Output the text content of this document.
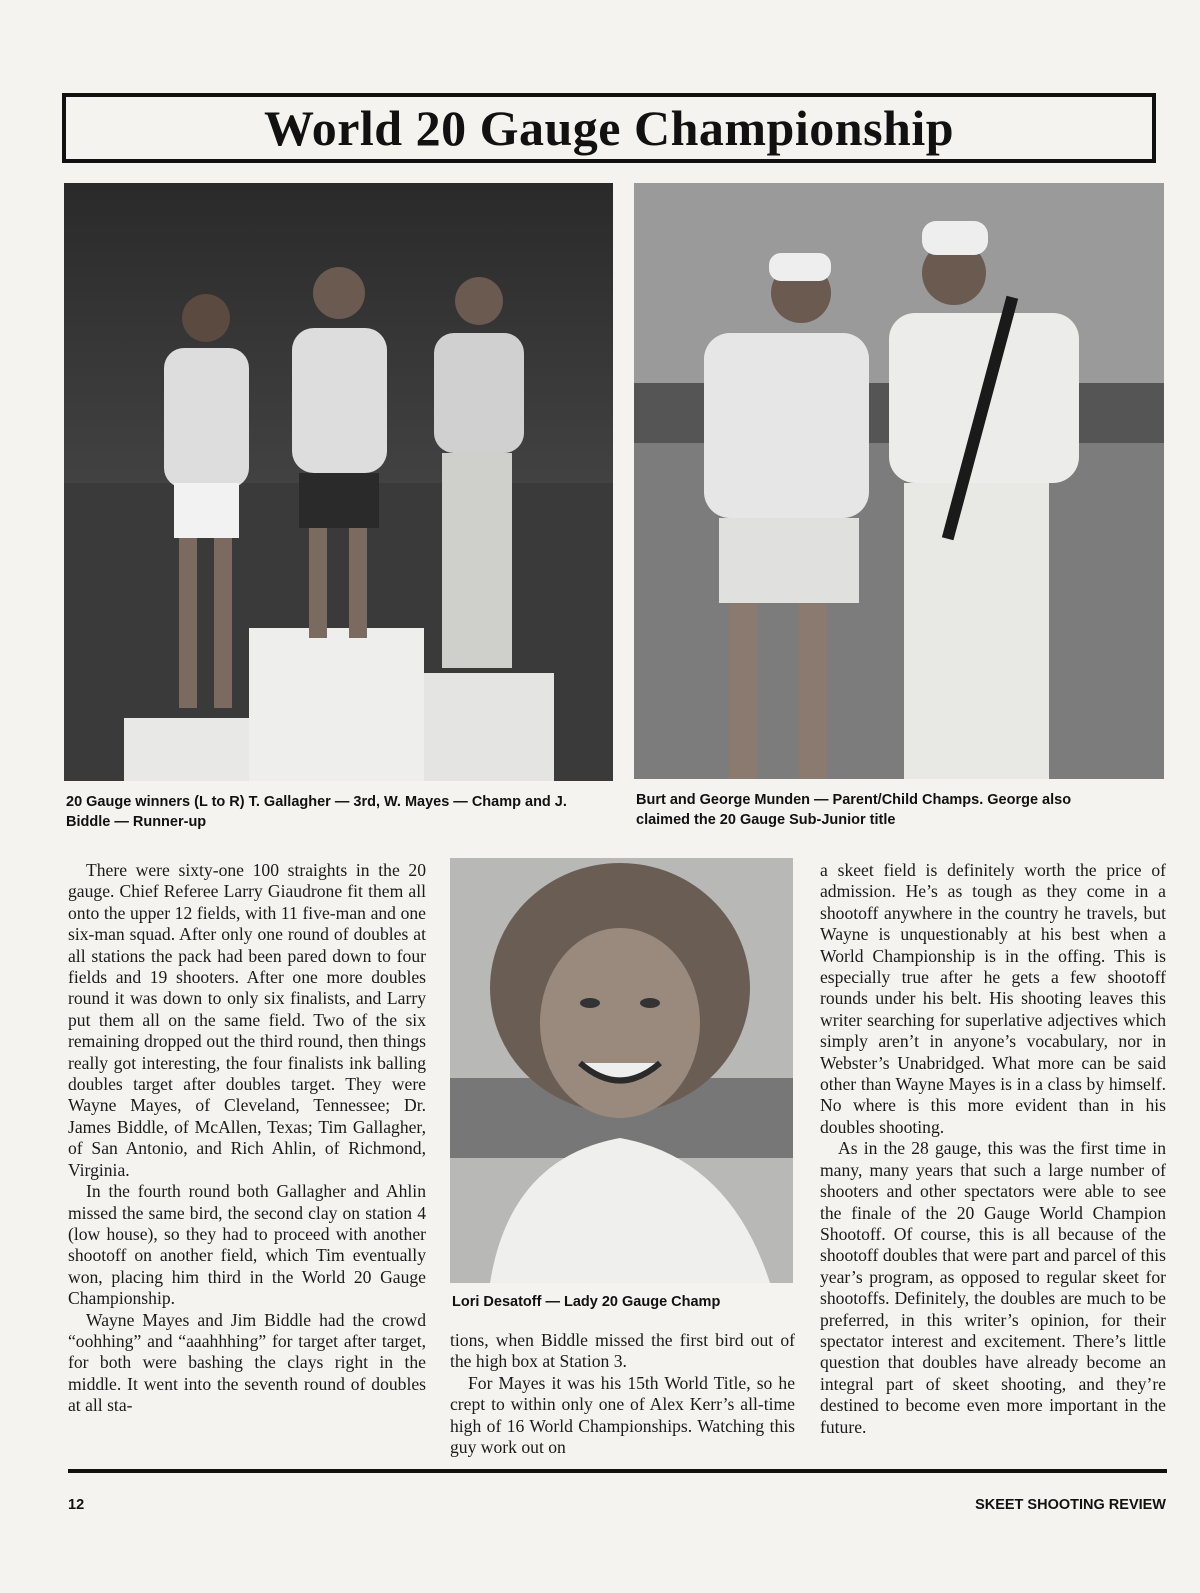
World 20 Gauge Championship
20 Gauge winners (L to R) T. Gallagher — 3rd, W. Mayes — Champ and J. Biddle — Runner-up
Burt and George Munden — Parent/Child Champs. George also claimed the 20 Gauge Sub-Junior title
Lori Desatoff — Lady 20 Gauge Champ

There were sixty-one 100 straights in the 20 gauge. Chief Referee Larry Giaudrone fit them all onto the upper 12 fields, with 11 five-man and one six-man squad. After only one round of doubles at all stations the pack had been pared down to four fields and 19 shooters. After one more doubles round it was down to only six finalists, and Larry put them all on the same field. Two of the six remaining dropped out the third round, then things really got interesting, the four finalists ink balling doubles target after doubles target. They were Wayne Mayes, of Cleveland, Tennessee; Dr. James Biddle, of McAllen, Texas; Tim Gallagher, of San Antonio, and Rich Ahlin, of Richmond, Virginia.

In the fourth round both Gallagher and Ahlin missed the same bird, the second clay on station 4 (low house), so they had to proceed with another shootoff on another field, which Tim eventually won, placing him third in the World 20 Gauge Championship.

Wayne Mayes and Jim Biddle had the crowd “oohhing” and “aaahhhing” for target after target, for both were bashing the clays right in the middle. It went into the seventh round of doubles at all sta-

tions, when Biddle missed the first bird out of the high box at Station 3.

For Mayes it was his 15th World Title, so he crept to within only one of Alex Kerr’s all-time high of 16 World Championships. Watching this guy work out on

a skeet field is definitely worth the price of admission. He’s as tough as they come in a shootoff anywhere in the country he travels, but Wayne is unquestionably at his best when a World Championship is in the offing. This is especially true after he gets a few shootoff rounds under his belt. His shooting leaves this writer searching for superlative adjectives which simply aren’t in anyone’s vocabulary, nor in Webster’s Unabridged. What more can be said other than Wayne Mayes is in a class by himself. No where is this more evident than in his doubles shooting.

As in the 28 gauge, this was the first time in many, many years that such a large number of shooters and other spectators were able to see the finale of the 20 Gauge World Champion Shootoff. Of course, this is all because of the shootoff doubles that were part and parcel of this year’s program, as opposed to regular skeet for shootoffs. Definitely, the doubles are much to be preferred, in this writer’s opinion, for their spectator interest and excitement. There’s little question that doubles have already become an integral part of skeet shooting, and they’re destined to become even more important in the future.

12	SKEET SHOOTING REVIEW
